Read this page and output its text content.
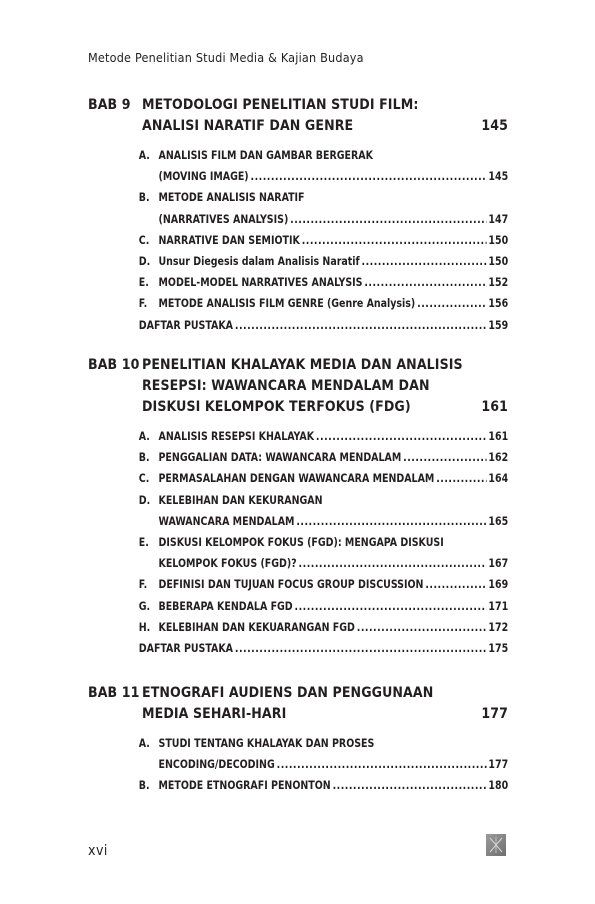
Metode Penelitian Studi Media & Kajian Budaya
BAB 9 METODOLOGI PENELITIAN STUDI FILM:
ANALISI NARATIF DAN GENRE	145
A. ANALISIS FILM DAN GAMBAR BERGERAK
(MOVING IMAGE) .....	145
B. METODE ANALISIS NARATIF
(NARRATIVES ANALYSIS) .....	147
C. NARRATIVE DAN SEMIOTIK .....	150
D. Unsur Diegesis dalam Analisis Naratif .....	150
E. MODEL-MODEL NARRATIVES ANALYSIS .....	152
F. METODE ANALISIS FILM GENRE (Genre Analysis) .....	156
DAFTAR PUSTAKA .....	159
BAB 10 PENELITIAN KHALAYAK MEDIA DAN ANALISIS
RESEPSI: WAWANCARA MENDALAM DAN
DISKUSI KELOMPOK TERFOKUS (FDG)	161
A. ANALISIS RESEPSI KHALAYAK .....	161
B. PENGGALIAN DATA: WAWANCARA MENDALAM .....	162
C. PERMASALAHAN DENGAN WAWANCARA MENDALAM .....	164
D. KELEBIHAN DAN KEKURANGAN
WAWANCARA MENDALAM .....	165
E. DISKUSI KELOMPOK FOKUS (FGD): MENGAPA DISKUSI
KELOMPOK FOKUS (FGD)? .....	167
F. DEFINISI DAN TUJUAN FOCUS GROUP DISCUSSION .....	169
G. BEBERAPA KENDALA FGD .....	171
H. KELEBIHAN DAN KEKUARANGAN FGD .....	172
DAFTAR PUSTAKA .....	175
BAB 11 ETNOGRAFI AUDIENS DAN PENGGUNAAN
MEDIA SEHARI-HARI	177
A. STUDI TENTANG KHALAYAK DAN PROSES
ENCODING/DECODING .....	177
B. METODE ETNOGRAFI PENONTON .....	180
xvi
